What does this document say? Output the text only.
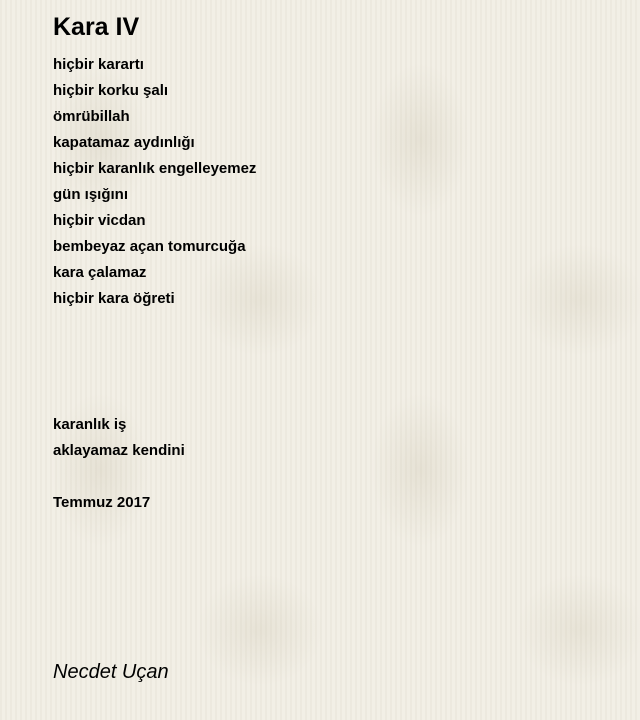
Kara IV
hiçbir karartı
hiçbir korku şalı
ömrübillah
kapatamaz aydınlığı
hiçbir karanlık engelleyemez
gün ışığını
hiçbir vicdan
bembeyaz açan tomurcuğa
kara çalamaz
hiçbir kara öğreti
karanlık iş
aklayamaz kendini
Temmuz 2017
Necdet Uçan
